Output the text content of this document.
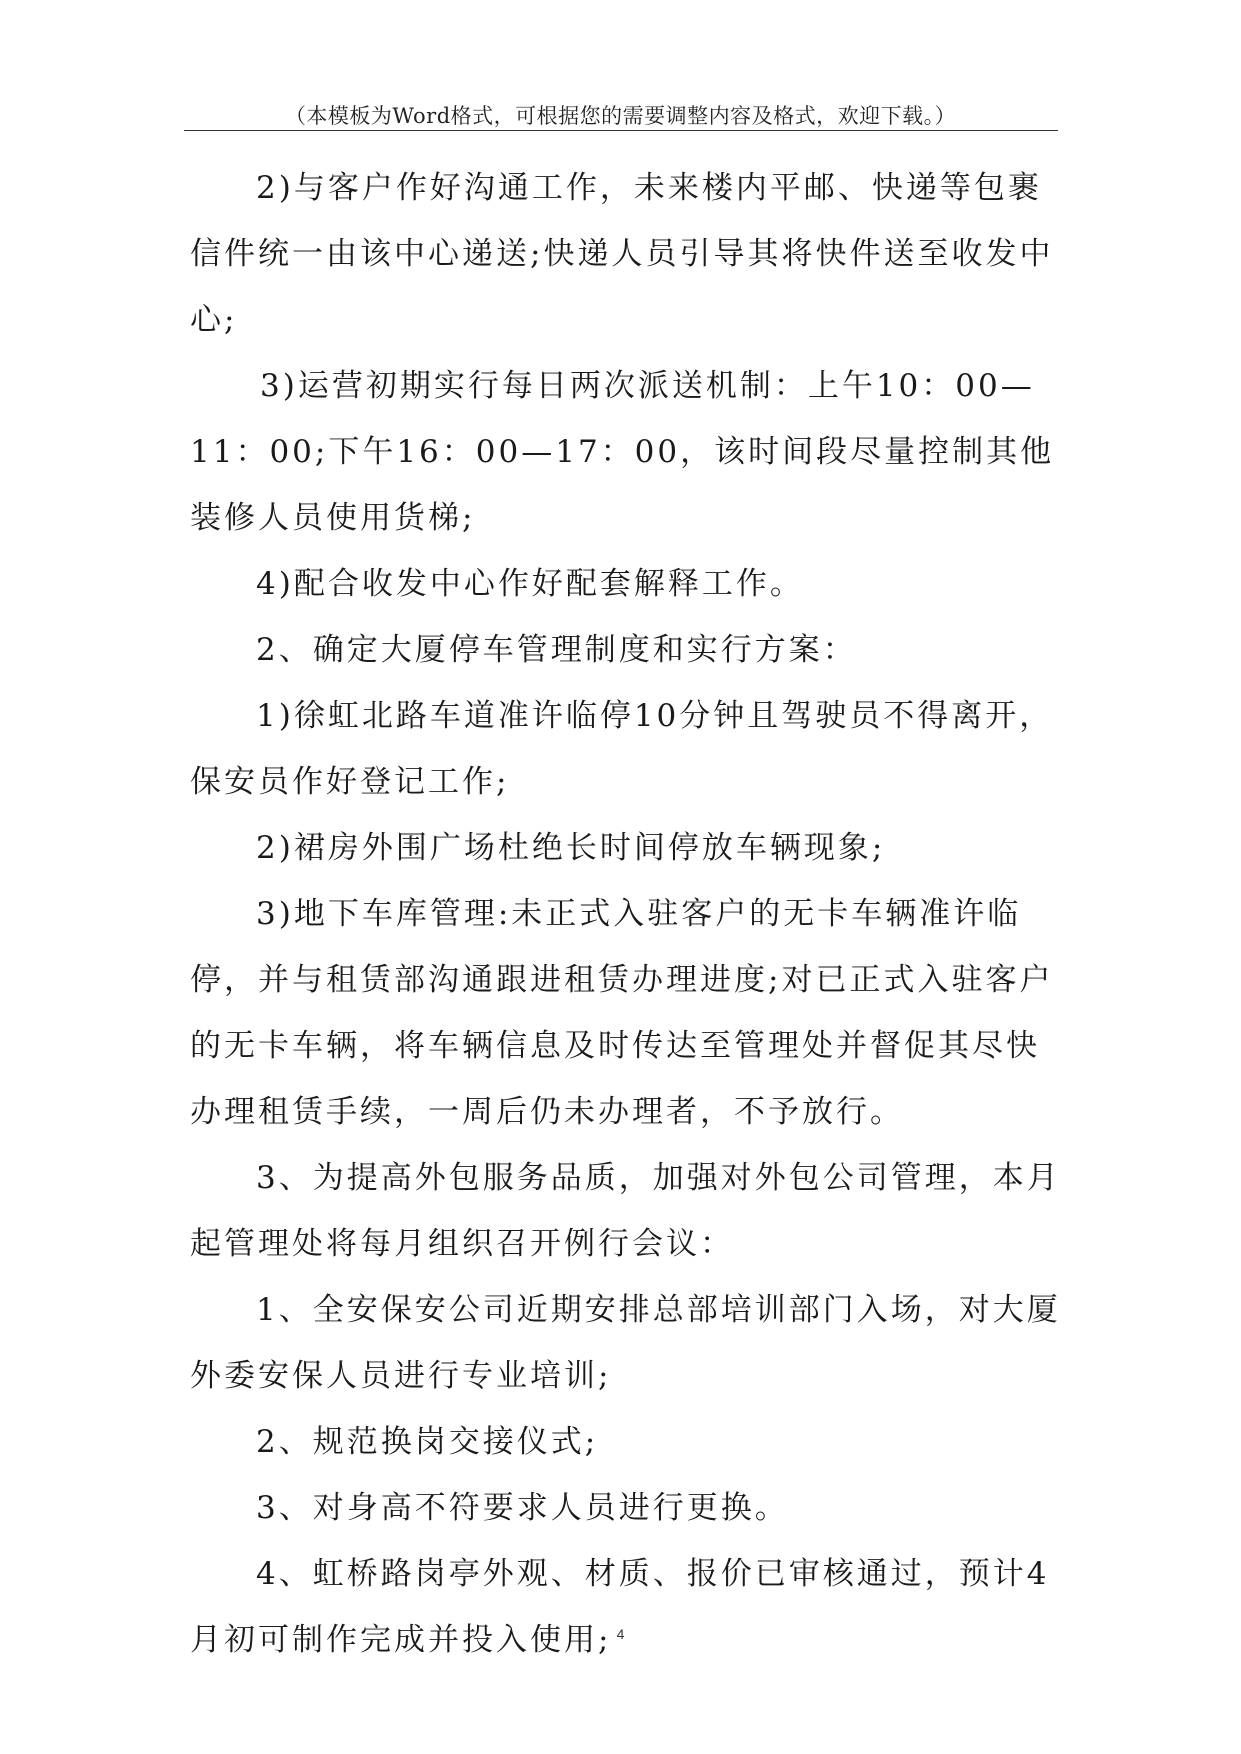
（本模板为Word格式，可根据您的需要调整内容及格式，欢迎下载。）

2)与客户作好沟通工作，未来楼内平邮、快递等包裹信件统一由该中心递送;快递人员引导其将快件送至收发中心;

3)运营初期实行每日两次派送机制：上午10：00—11：00;下午16：00—17：00，该时间段尽量控制其他装修人员使用货梯;

4)配合收发中心作好配套解释工作。

2、确定大厦停车管理制度和实行方案：

1)徐虹北路车道准许临停10分钟且驾驶员不得离开，保安员作好登记工作;

2)裙房外围广场杜绝长时间停放车辆现象;

3)地下车库管理:未正式入驻客户的无卡车辆准许临停，并与租赁部沟通跟进租赁办理进度;对已正式入驻客户的无卡车辆，将车辆信息及时传达至管理处并督促其尽快办理租赁手续，一周后仍未办理者，不予放行。

3、为提高外包服务品质，加强对外包公司管理，本月起管理处将每月组织召开例行会议：

1、全安保安公司近期安排总部培训部门入场，对大厦外委安保人员进行专业培训;

2、规范换岗交接仪式;

3、对身高不符要求人员进行更换。

4、虹桥路岗亭外观、材质、报价已审核通过，预计4月初可制作完成并投入使用; 4
